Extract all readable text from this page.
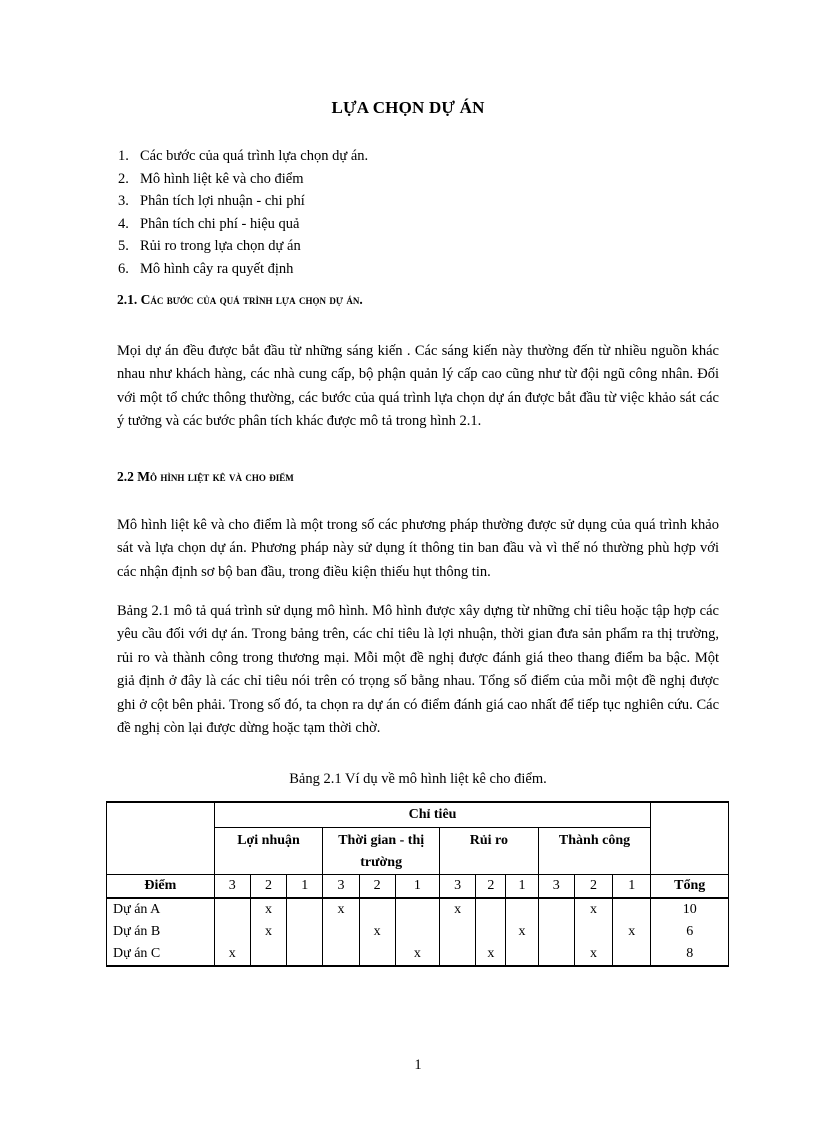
LỰA CHỌN DỰ ÁN
1. Các bước của quá trình lựa chọn dự án.
2. Mô hình liệt kê và cho điểm
3. Phân tích lợi nhuận - chi phí
4. Phân tích chi phí - hiệu quả
5. Rủi ro trong lựa chọn dự án
6. Mô hình cây ra quyết định
2.1. Các bước của quá trình lựa chọn dự án.

Mọi dự án đều được bắt đầu từ những sáng kiến . Các sáng kiến này thường đến từ nhiều nguồn khác nhau như khách hàng, các nhà cung cấp, bộ phận quản lý cấp cao cũng như từ đội ngũ công nhân. Đối với một tổ chức thông thường, các bước của quá trình lựa chọn dự án được bắt đầu từ việc khảo sát các ý tưởng và các bước phân tích khác được mô tả trong hình 2.1.

2.2 Mô hình liệt kê và cho điểm

Mô hình liệt kê và cho điểm là một trong số các phương pháp thường được sử dụng của quá trình khảo sát và lựa chọn dự án. Phương pháp này sử dụng ít thông tin ban đầu và vì thế nó thường phù hợp với các nhận định sơ bộ ban đầu, trong điều kiện thiếu hụt thông tin.

Bảng 2.1 mô tả quá trình sử dụng mô hình. Mô hình được xây dựng từ những chỉ tiêu hoặc tập hợp các yêu cầu đối với dự án. Trong bảng trên, các chỉ tiêu là lợi nhuận, thời gian đưa sản phẩm ra thị trường, rủi ro và thành công trong thương mại. Mỗi một đề nghị được đánh giá theo thang điểm ba bậc. Một giả định ở đây là các chỉ tiêu nói trên có trọng số bằng nhau. Tổng số điểm của mỗi một đề nghị được ghi ở cột bên phải. Trong số đó, ta chọn ra dự án có điểm đánh giá cao nhất để tiếp tục nghiên cứu. Các đề nghị còn lại được dừng hoặc tạm thời chờ.

Bảng 2.1 Ví dụ về mô hình liệt kê cho điểm.
	Chỉ tiêu												
	Lợi nhuận			Thời gian - thị trường			Rủi ro			Thành công			
Điểm	3	2	1	3	2	1	3	2	1	3	2	1	Tổng
Dự án A		x		x			x				x		10
Dự án B		x			x				x			x	6
Dự án C	x					x		x			x		8
1
